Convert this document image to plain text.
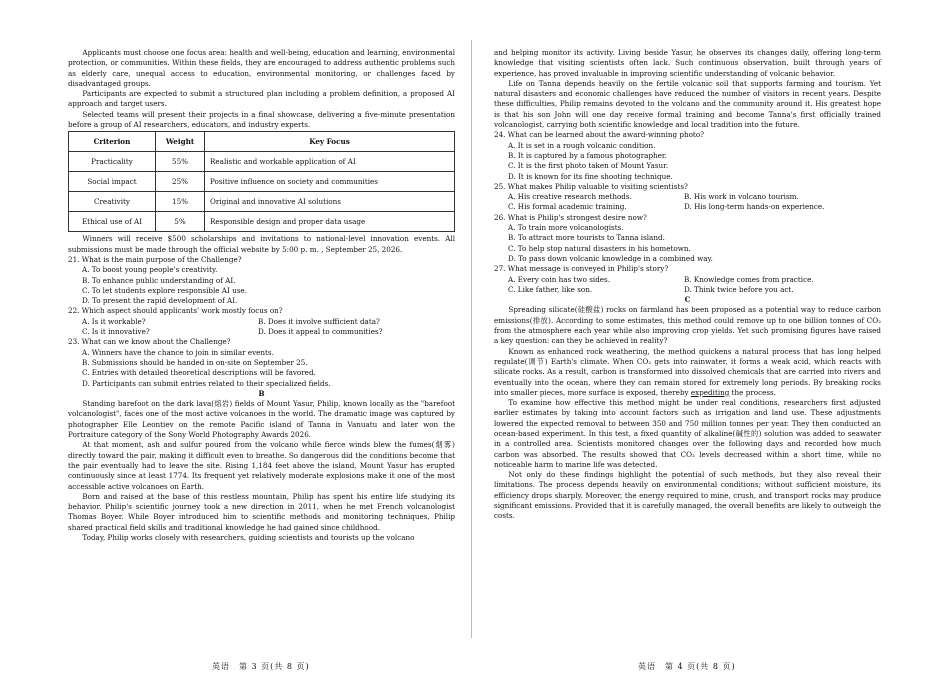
Applicants must choose one focus area: health and well-being, education and learning, environmental protection, or communities. Within these fields, they are encouraged to address authentic problems such as elderly care, unequal access to education, environmental monitoring, or challenges faced by disadvantaged groups.

Participants are expected to submit a structured plan including a problem definition, a proposed AI approach and target users.

Selected teams will present their projects in a final showcase, delivering a five-minute presentation before a group of AI researchers, educators, and industry experts.

Criterion	Weight	Key Focus
Practicality	55%	Realistic and workable application of AI
Social impact	25%	Positive influence on society and communities
Creativity	15%	Original and innovative AI solutions
Ethical use of AI	5%	Responsible design and proper data usage

Winners will receive $500 scholarships and invitations to national-level innovation events. All submissions must be made through the official website by 5:00 p. m. , September 25, 2026.

21. What is the main purpose of the Challenge?

A. To boost young people's creativity.
B. To enhance public understanding of AI.
C. To let students explore responsible AI use.
D. To present the rapid development of AI.

22. Which aspect should applicants' work mostly focus on?

A. Is it workable?	B. Does it involve sufficient data?
C. Is it innovative?	D. Does it appeal to communities?

23. What can we know about the Challenge?

A. Winners have the chance to join in similar events.
B. Submissions should be handed in on-site on September 25.
C. Entries with detailed theoretical descriptions will be favored.
D. Participants can submit entries related to their specialized fields.

B

Standing barefoot on the dark lava(熔岩) fields of Mount Yasur, Philip, known locally as the "barefoot volcanologist", faces one of the most active volcanoes in the world. The dramatic image was captured by photographer Elle Leontiev on the remote Pacific island of Tanna in Vanuatu and later won the Portraiture category of the Sony World Photography Awards 2026.

At that moment, ash and sulfur poured from the volcano while fierce winds blew the fumes(烟雾) directly toward the pair, making it difficult even to breathe. So dangerous did the conditions become that the pair eventually had to leave the site. Rising 1,184 feet above the island, Mount Yasur has erupted continuously since at least 1774. Its frequent yet relatively moderate explosions make it one of the most accessible active volcanoes on Earth.

Born and raised at the base of this restless mountain, Philip has spent his entire life studying its behavior. Philip's scientific journey took a new direction in 2011, when he met French volcanologist Thomas Boyer. While Boyer introduced him to scientific methods and monitoring techniques, Philip shared practical field skills and traditional knowledge he had gained since childhood.

Today, Philip works closely with researchers, guiding scientists and tourists up the volcano

and helping monitor its activity. Living beside Yasur, he observes its changes daily, offering long-term knowledge that visiting scientists often lack. Such continuous observation, built through years of experience, has proved invaluable in improving scientific understanding of volcanic behavior.

Life on Tanna depends heavily on the fertile volcanic soil that supports farming and tourism. Yet natural disasters and economic challenges have reduced the number of visitors in recent years. Despite these difficulties, Philip remains devoted to the volcano and the community around it. His greatest hope is that his son John will one day receive formal training and become Tanna's first officially trained volcanologist, carrying both scientific knowledge and local tradition into the future.

24. What can be learned about the award-winning photo?

A. It is set in a rough volcanic condition.
B. It is captured by a famous photographer.
C. It is the first photo taken of Mount Yasur.
D. It is known for its fine shooting technique.

25. What makes Philip valuable to visiting scientists?

A. His creative research methods.	B. His work in volcano tourism.
C. His formal academic training.	D. His long-term hands-on experience.

26. What is Philip's strongest desire now?

A. To train more volcanologists.
B. To attract more tourists to Tanna island.
C. To help stop natural disasters in his hometown.
D. To pass down volcanic knowledge in a combined way.

27. What message is conveyed in Philip's story?

A. Every coin has two sides.	B. Knowledge comes from practice.
C. Like father, like son.	D. Think twice before you act.

C

Spreading silicate(硅酸盐) rocks on farmland has been proposed as a potential way to reduce carbon emissions(排放). According to some estimates, this method could remove up to one billion tonnes of CO₂ from the atmosphere each year while also improving crop yields. Yet such promising figures have raised a key question: can they be achieved in reality?

Known as enhanced rock weathering, the method quickens a natural process that has long helped regulate(调节) Earth's climate. When CO₂ gets into rainwater, it forms a weak acid, which reacts with silicate rocks. As a result, carbon is transformed into dissolved chemicals that are carried into rivers and eventually into the ocean, where they can remain stored for extremely long periods. By breaking rocks into smaller pieces, more surface is exposed, thereby expediting the process.

To examine how effective this method might be under real conditions, researchers first adjusted earlier estimates by taking into account factors such as irrigation and land use. These adjustments lowered the expected removal to between 350 and 750 million tonnes per year. They then conducted an ocean-based experiment. In this test, a fixed quantity of alkaline(碱性的) solution was added to seawater in a controlled area. Scientists monitored changes over the following days and recorded how much carbon was absorbed. The results showed that CO₂ levels decreased within a short time, while no noticeable harm to marine life was detected.

Not only do these findings highlight the potential of such methods, but they also reveal their limitations. The process depends heavily on environmental conditions; without sufficient moisture, its efficiency drops sharply. Moreover, the energy required to mine, crush, and transport rocks may produce significant emissions. Provided that it is carefully managed, the overall benefits are likely to outweigh the costs.

英语　第 3 页(共 8 页)	英语　第 4 页(共 8 页)
